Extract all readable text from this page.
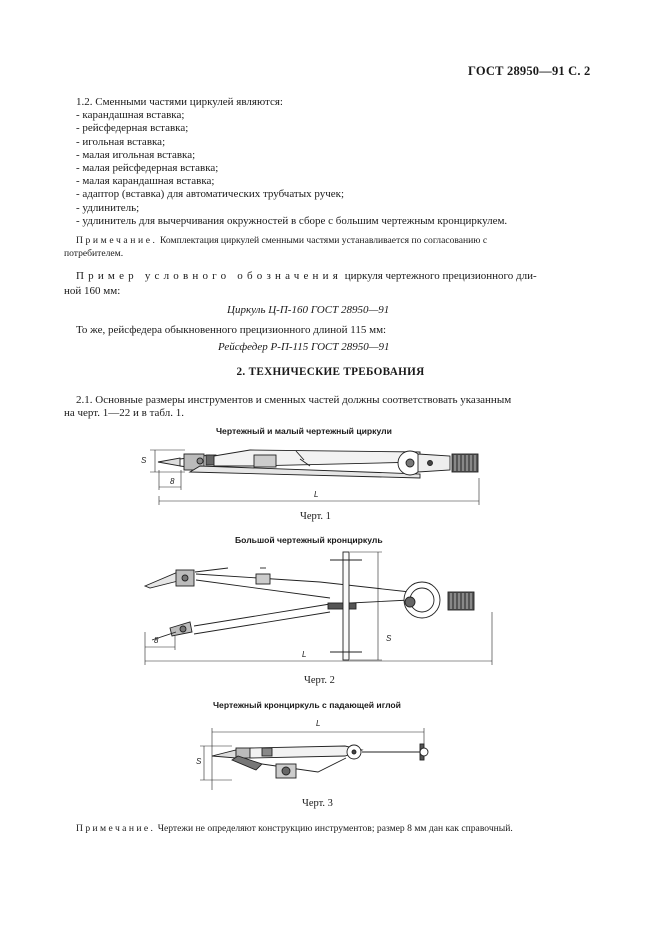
ГОСТ 28950—91 С. 2
1.2. Сменными частями циркулей являются:
- карандашная вставка;
- рейсфедерная вставка;
- игольная вставка;
- малая игольная вставка;
- малая рейсфедерная вставка;
- малая карандашная вставка;
- адаптор (вставка) для автоматических трубчатых ручек;
- удлинитель;
- удлинитель для вычерчивания окружностей в сборе с большим чертежным кронциркулем.
Примечание. Комплектация циркулей сменными частями устанавливается по согласованию с
потребителем.
Пример условного обозначения циркуля чертежного прецизионного дли-
ной 160 мм:
Циркуль Ц-П-160 ГОСТ 28950—91
То же, рейсфедера обыкновенного прецизионного длиной 115 мм:
Рейсфедер Р-П-115 ГОСТ 28950—91
2. ТЕХНИЧЕСКИЕ ТРЕБОВАНИЯ
2.1. Основные размеры инструментов и сменных частей должны соответствовать указанным
на черт. 1—22 и в табл. 1.
Чертежный и малый чертежный циркули
S
8
L
Черт. 1
Большой чертежный кронциркуль
8	S
L
Черт. 2
Чертежный кронциркуль с падающей иглой
L
S
Черт. 3
Примечание. Чертежи не определяют конструкцию инструментов; размер 8 мм дан как справочный.
